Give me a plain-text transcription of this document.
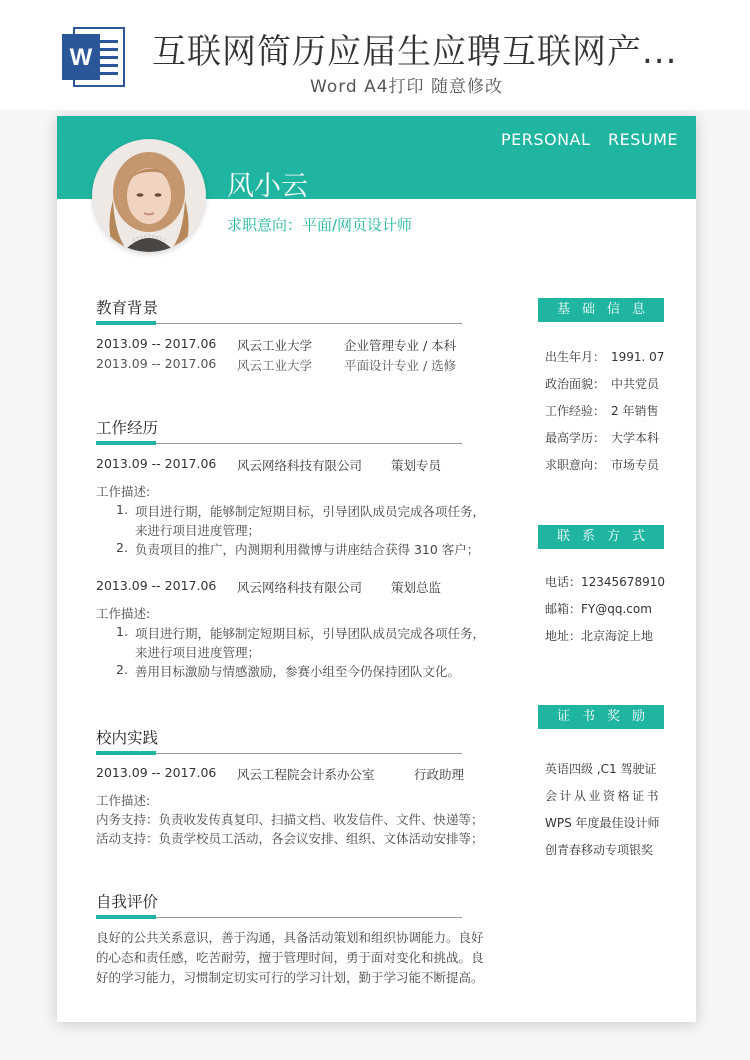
W 互联网简历应届生应聘互联网产...
Word A4打印 随意修改
PERSONAL RESUME
风小云
求职意向：平面/网页设计师
教育背景
2013.09 -- 2017.06 风云工业大学	企业管理专业 / 本科
2013.09 -- 2017.06 风云工业大学	平面设计专业 / 选修
工作经历
2013.09 -- 2017.06 风云网络科技有限公司 策划专员
工作描述:
1. 项目进行期，能够制定短期目标，引导团队成员完成各项任务，
来进行项目进度管理；
2. 负责项目的推广，内测期利用微博与讲座结合获得 310 客户；
2013.09 -- 2017.06 风云网络科技有限公司 策划总监
工作描述:
1. 项目进行期，能够制定短期目标，引导团队成员完成各项任务，
来进行项目进度管理；
2. 善用目标激励与情感激励，参赛小组至今仍保持团队文化。
校内实践
2013.09 -- 2017.06 风云工程院会计系办公室	行政助理
工作描述:
内务支持：负责收发传真复印、扫描文档、收发信件、文件、快递等；
活动支持：负责学校员工活动，各会议安排、组织、文体活动安排等；
自我评价
良好的公共关系意识，善于沟通，具备活动策划和组织协调能力。良好
的心态和责任感，吃苦耐劳，擅于管理时间，勇于面对变化和挑战。良
好的学习能力，习惯制定切实可行的学习计划，勤于学习能不断提高。
基础信息
出生年月： 1991. 07
政治面貌： 中共党员
工作经验： 2 年销售
最高学历： 大学本科
求职意向： 市场专员
联系方式
电话：12345678910
邮箱：FY@qq.com
地址：北京海淀上地
证书奖励
英语四级 ,C1 驾驶证
会计从业资格证书
WPS 年度最佳设计师
创青春移动专项银奖
